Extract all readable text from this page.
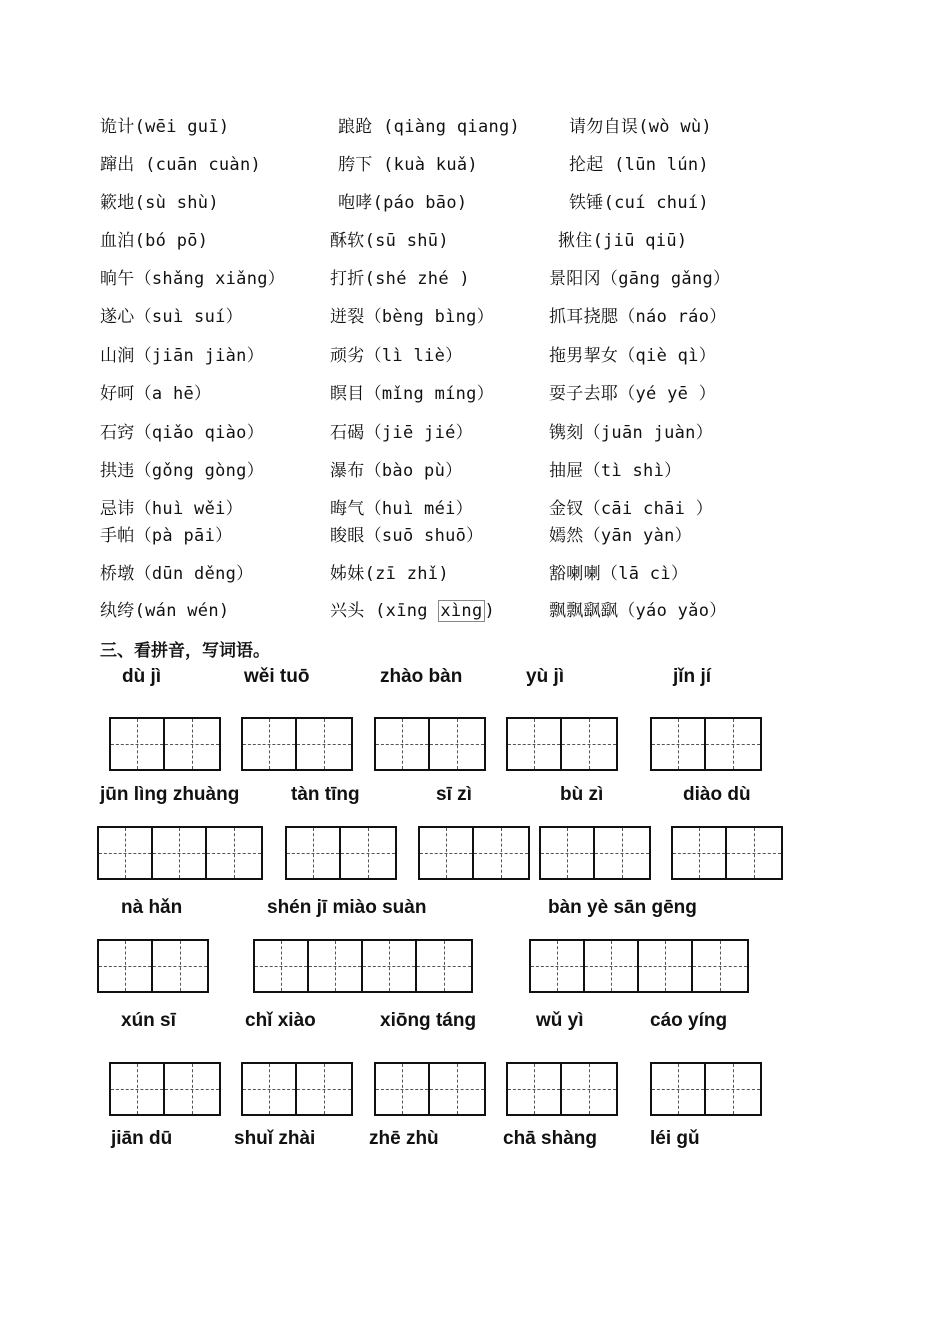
诡计(wēi guī)	踉跄 (qiàng qiang)	请勿自误(wò wù)
蹿出 (cuān cuàn)	胯下 (kuà kuǎ)	抡起 (lūn lún)
簌地(sù shù)	咆哮(páo bāo)	铁锤(cuí chuí)
血泊(bó pō)	酥软(sū shū)	揪住(jiū qiū)
晌午（shǎng xiǎng）	打折(shé zhé )	景阳冈（gāng gǎng）
遂心（suì suí）	迸裂（bèng bìng）	抓耳挠腮（náo ráo）
山涧（jiān jiàn）	顽劣（lì liè）	拖男挈女（qiè qì）
好呵（a hē）	瞑目（mǐng míng）	耍子去耶（yé yē ）
石窍（qiǎo qiào）	石碣（jiē jié）	镌刻（juān juàn）
拱违（gǒng gòng）	瀑布（bào pù）	抽屉（tì shì）
忌讳（huì wěi）	晦气（huì méi）	金钗（cāi chāi ）
手帕（pà pāi）	睃眼（suō shuō）	嫣然（yān yàn）
桥墩（dūn děng）	姊妹(zī zhǐ)	豁喇喇（lā cì）
纨绔(wán wén)	兴头 (xīng xìng )	飘飘飖飖（yáo yǎo）
三、看拼音，写词语。
dù jì	wěi tuō	zhào bàn	yù jì	jǐn jí
jūn lìng zhuàng	tàn tīng	sī zì	bù zì	diào dù
nà hǎn	shén jī miào suàn	bàn yè sān gēng
xún sī	chǐ xiào	xiōng táng	wǔ yì	cáo yíng
jiān dū	shuǐ zhài	zhē zhù	chā shàng	léi gǔ
